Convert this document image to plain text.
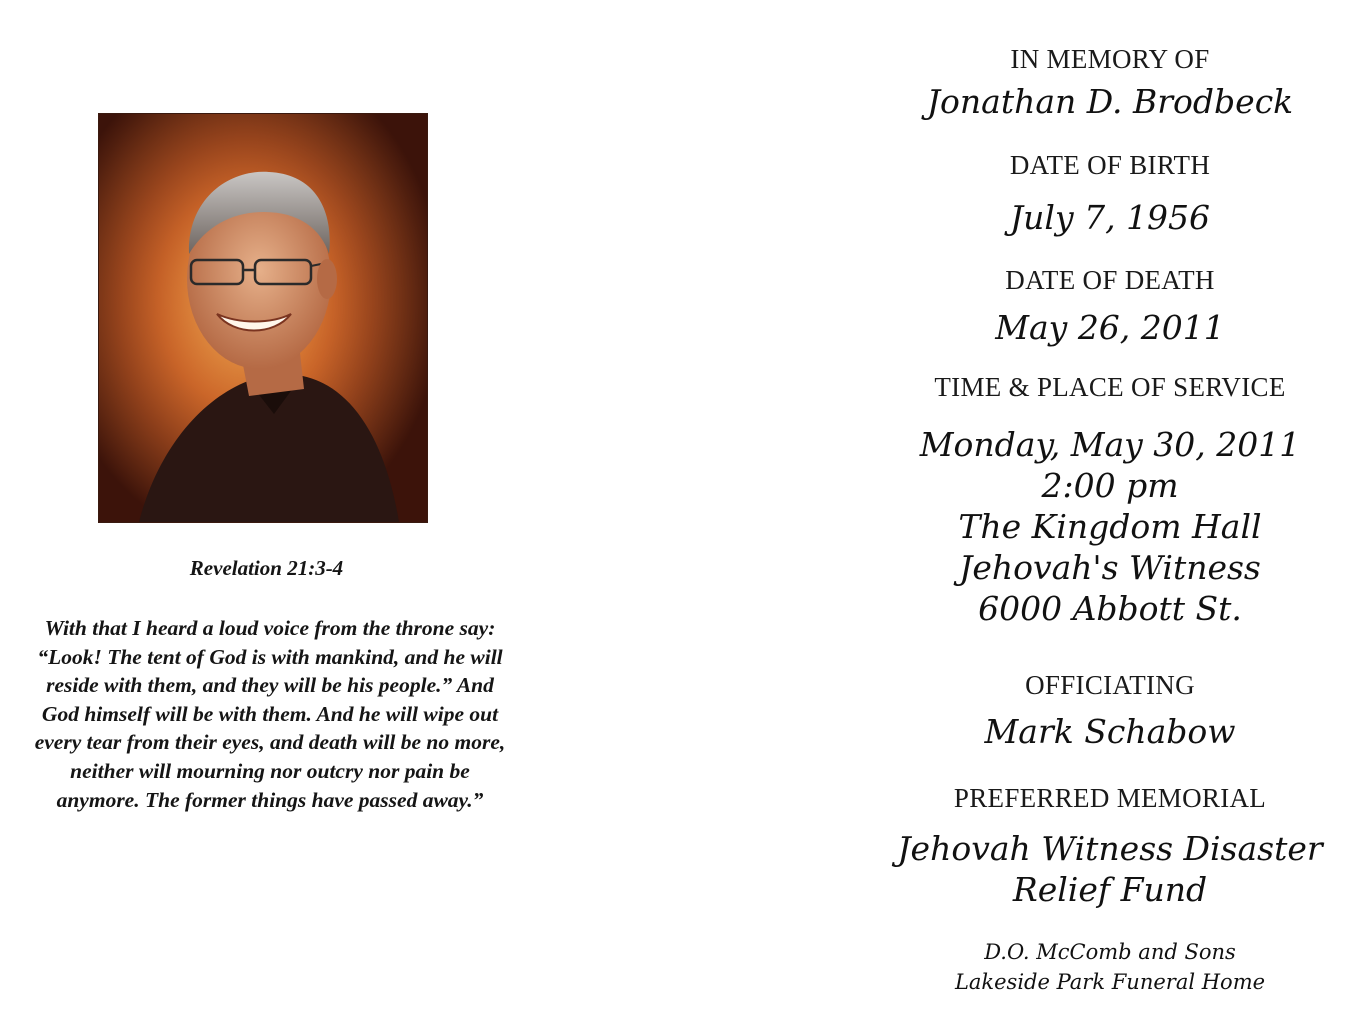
Revelation 21:3-4
With that I heard a loud voice from the throne say:
“Look! The tent of God is with mankind, and he will
reside with them, and they will be his people.” And
God himself will be with them. And he will wipe out
every tear from their eyes, and death will be no more,
neither will mourning nor outcry nor pain be
anymore. The former things have passed away.”
IN MEMORY OF
Jonathan D. Brodbeck
DATE OF BIRTH
July 7, 1956
DATE OF DEATH
May 26, 2011
TIME & PLACE OF SERVICE
Monday, May 30, 2011
2:00 pm
The Kingdom Hall
Jehovah's Witness
6000 Abbott St.
OFFICIATING
Mark Schabow
PREFERRED MEMORIAL
Jehovah Witness Disaster
Relief Fund
D.O. McComb and Sons
Lakeside Park Funeral Home
